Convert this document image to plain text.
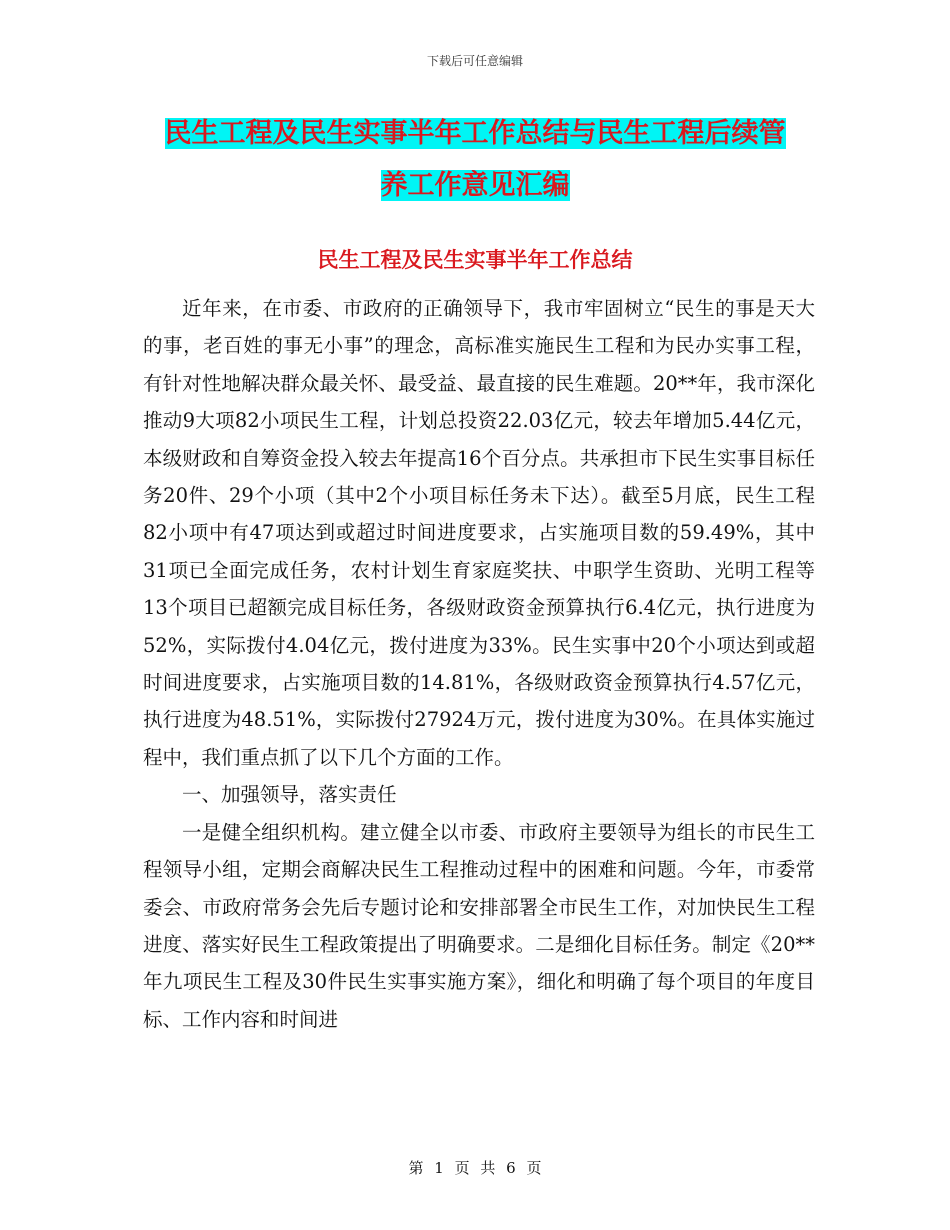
下载后可任意编辑
民生工程及民生实事半年工作总结与民生工程后续管
养工作意见汇编
民生工程及民生实事半年工作总结

近年来，在市委、市政府的正确领导下，我市牢固树立“民生的事是天大的事，老百姓的事无小事”的理念，高标准实施民生工程和为民办实事工程，有针对性地解决群众最关怀、最受益、最直接的民生难题。20**年，我市深化推动9大项82小项民生工程，计划总投资22.03亿元，较去年增加5.44亿元，本级财政和自筹资金投入较去年提高16个百分点。共承担市下民生实事目标任务20件、29个小项（其中2个小项目标任务未下达）。截至5月底，民生工程82小项中有47项达到或超过时间进度要求，占实施项目数的59.49%，其中31项已全面完成任务，农村计划生育家庭奖扶、中职学生资助、光明工程等13个项目已超额完成目标任务，各级财政资金预算执行6.4亿元，执行进度为52%，实际拨付4.04亿元，拨付进度为33%。民生实事中20个小项达到或超时间进度要求，占实施项目数的14.81%，各级财政资金预算执行4.57亿元，执行进度为48.51%，实际拨付27924万元，拨付进度为30%。在具体实施过程中，我们重点抓了以下几个方面的工作。

一、加强领导，落实责任

一是健全组织机构。建立健全以市委、市政府主要领导为组长的市民生工程领导小组，定期会商解决民生工程推动过程中的困难和问题。今年，市委常委会、市政府常务会先后专题讨论和安排部署全市民生工作，对加快民生工程进度、落实好民生工程政策提出了明确要求。二是细化目标任务。制定《20**年九项民生工程及30件民生实事实施方案》，细化和明确了每个项目的年度目标、工作内容和时间进

第 1 页 共 6 页
